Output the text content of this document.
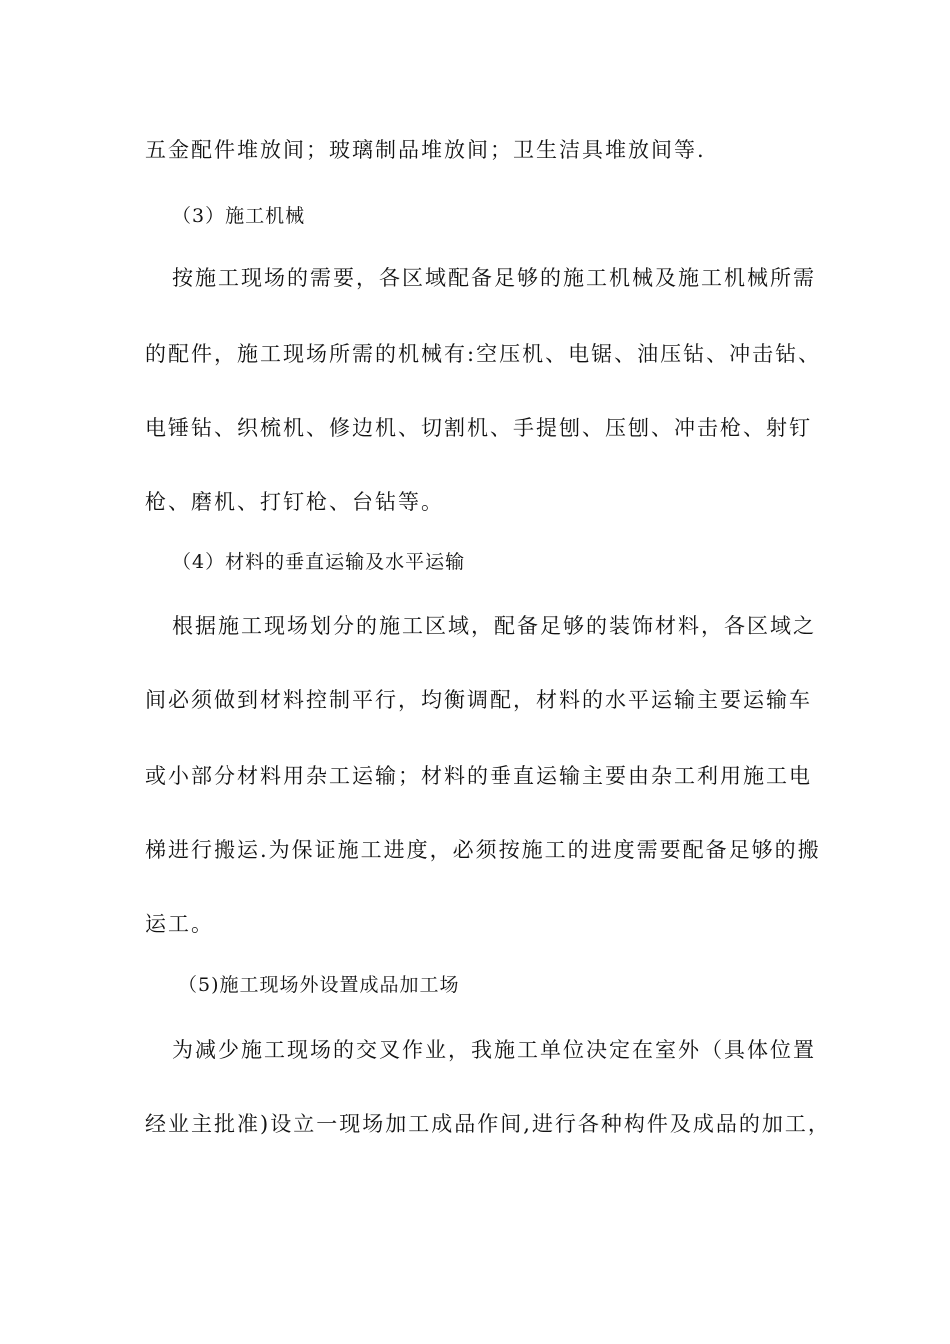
五金配件堆放间；玻璃制品堆放间；卫生洁具堆放间等.
（3）施工机械
按施工现场的需要，各区域配备足够的施工机械及施工机械所需
的配件，施工现场所需的机械有:空压机、电锯、油压钻、冲击钻、
电锤钻、织梳机、修边机、切割机、手提刨、压刨、冲击枪、射钉
枪、磨机、打钉枪、台钻等。
（4）材料的垂直运输及水平运输
根据施工现场划分的施工区域，配备足够的装饰材料，各区域之
间必须做到材料控制平行，均衡调配，材料的水平运输主要运输车
或小部分材料用杂工运输；材料的垂直运输主要由杂工利用施工电
梯进行搬运.为保证施工进度，必须按施工的进度需要配备足够的搬
运工。
（5)施工现场外设置成品加工场
为减少施工现场的交叉作业，我施工单位决定在室外（具体位置
经业主批准)设立一现场加工成品作间,进行各种构件及成品的加工，
